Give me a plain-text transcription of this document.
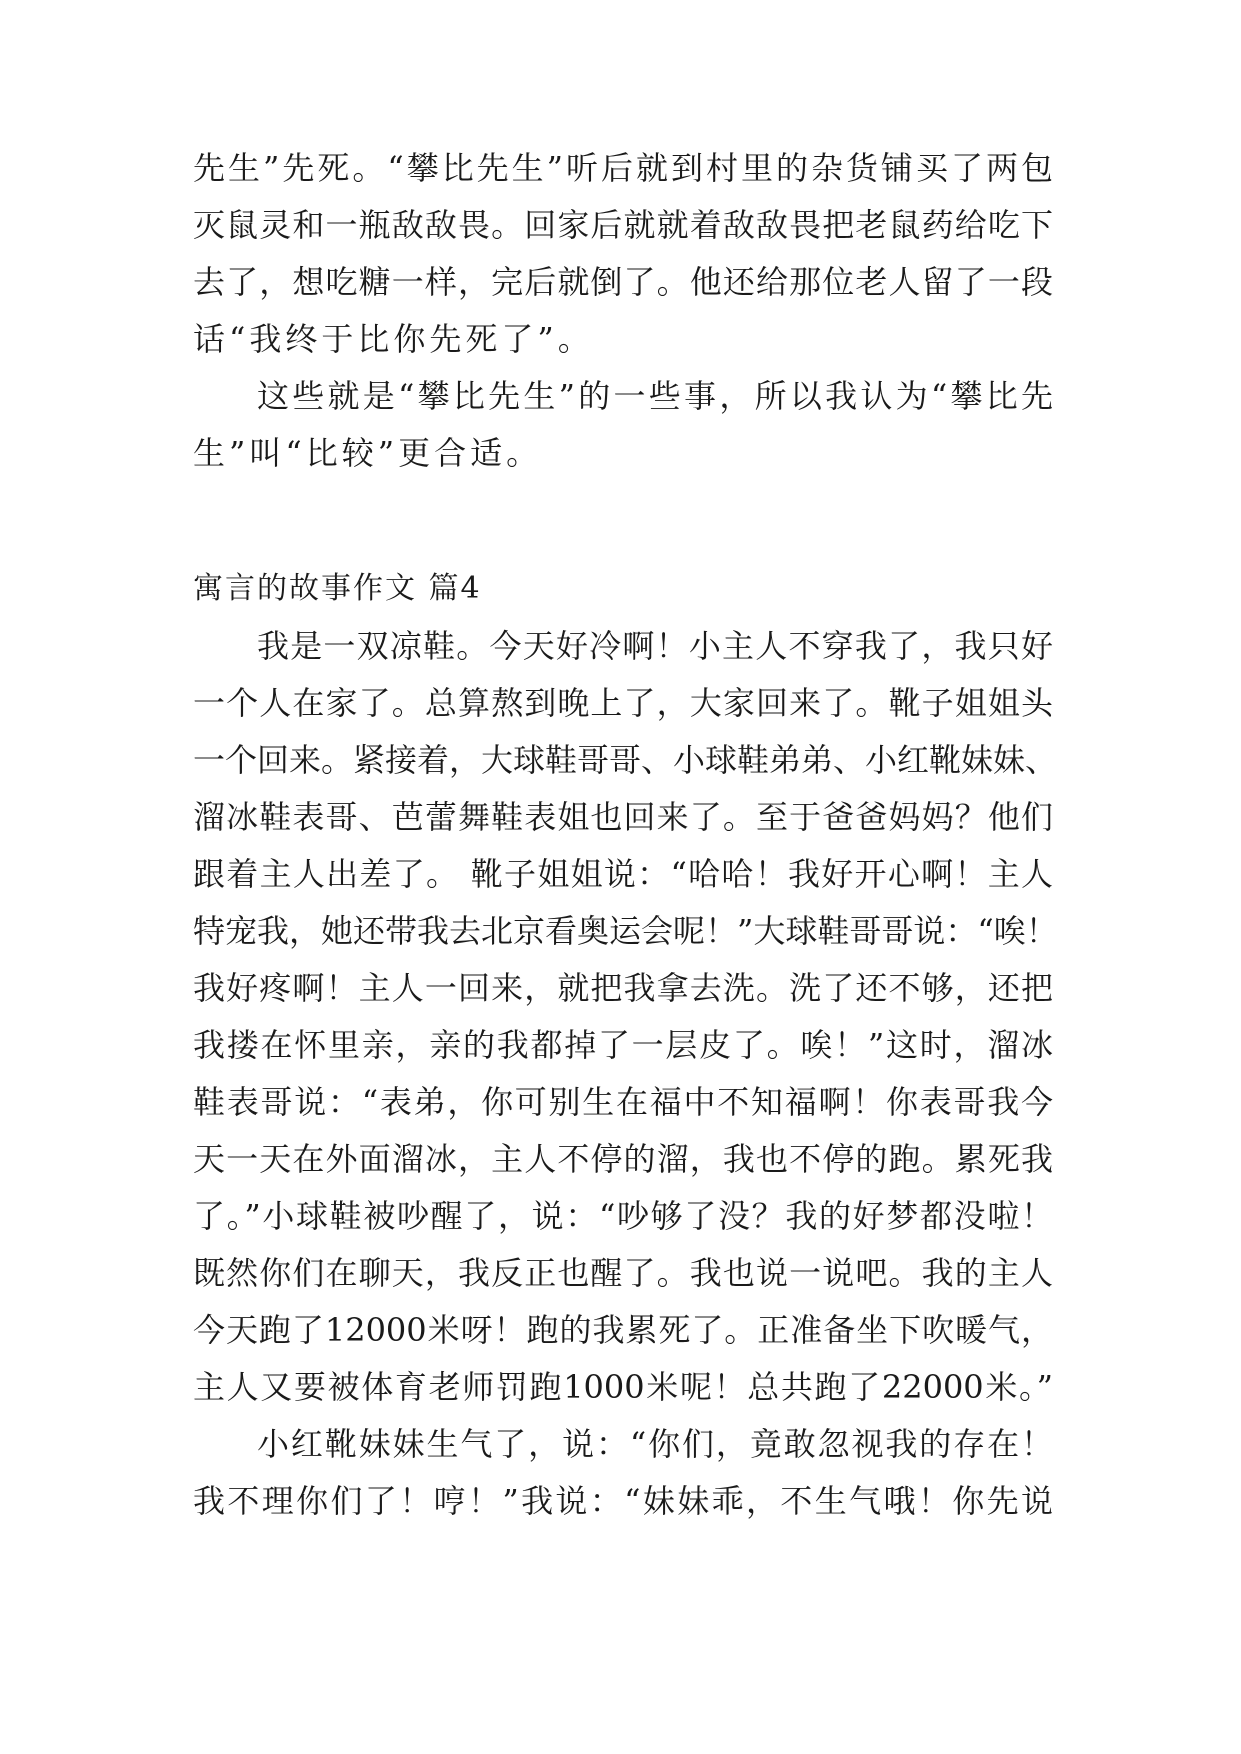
先生”先死。“攀比先生”听后就到村里的杂货铺买了两包
灭鼠灵和一瓶敌敌畏。回家后就就着敌敌畏把老鼠药给吃下
去了，想吃糖一样，完后就倒了。他还给那位老人留了一段
话“我终于比你先死了”。
这些就是“攀比先生”的一些事，所以我认为“攀比先
生”叫“比较”更合适。
寓言的故事作文 篇4
我是一双凉鞋。今天好冷啊！小主人不穿我了，我只好
一个人在家了。总算熬到晚上了，大家回来了。靴子姐姐头
一个回来。紧接着，大球鞋哥哥、小球鞋弟弟、小红靴妹妹、
溜冰鞋表哥、芭蕾舞鞋表姐也回来了。至于爸爸妈妈？他们
跟着主人出差了。 靴子姐姐说：“哈哈！我好开心啊！主人
特宠我，她还带我去北京看奥运会呢！”大球鞋哥哥说：“唉！
我好疼啊！主人一回来，就把我拿去洗。洗了还不够，还把
我搂在怀里亲，亲的我都掉了一层皮了。唉！”这时，溜冰
鞋表哥说：“表弟，你可别生在福中不知福啊！你表哥我今
天一天在外面溜冰，主人不停的溜，我也不停的跑。累死我
了。”小球鞋被吵醒了，说：“吵够了没？我的好梦都没啦！
既然你们在聊天，我反正也醒了。我也说一说吧。我的主人
今天跑了12000米呀！跑的我累死了。正准备坐下吹暖气，
主人又要被体育老师罚跑1000米呢！总共跑了22000米。”
小红靴妹妹生气了，说：“你们，竟敢忽视我的存在！
我不理你们了！哼！”我说：“妹妹乖，不生气哦！你先说
